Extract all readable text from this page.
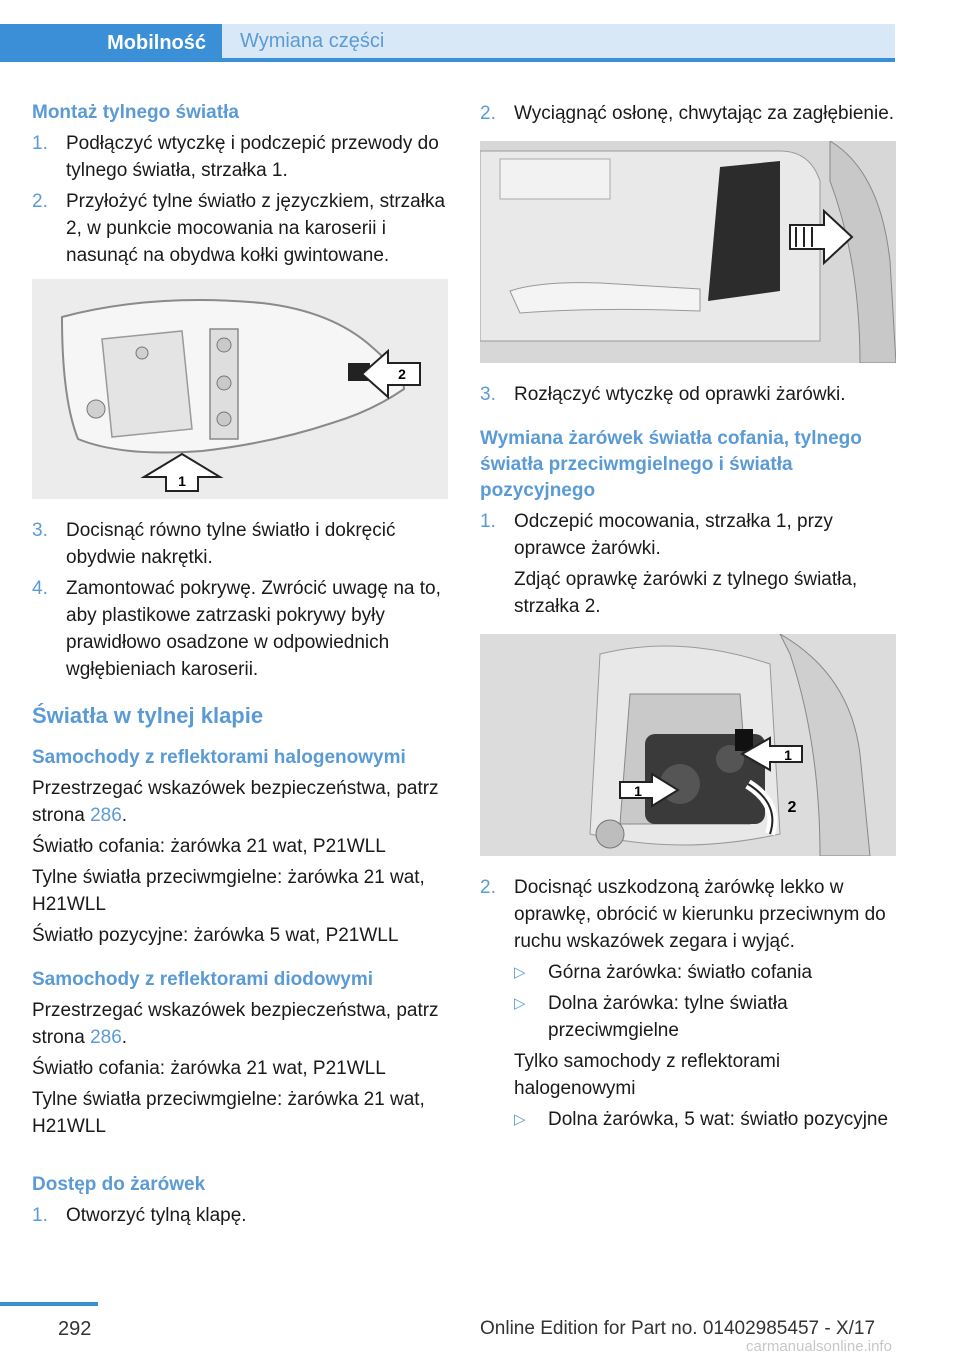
Mobilność	Wymiana części
Montaż tylnego światła
1. Podłączyć wtyczkę i podczepić przewody do tylnego światła, strzałka 1.
2. Przyłożyć tylne światło z języczkiem, strzałka 2, w punkcie mocowania na karoserii i nasunąć na obydwa kołki gwintowane.
1
2
3. Docisnąć równo tylne światło i dokręcić obydwie nakrętki.
4. Zamontować pokrywę. Zwrócić uwagę na to, aby plastikowe zatrzaski pokrywy były prawidłowo osadzone w odpowiednich wgłębieniach karoserii.
Światła w tylnej klapie
Samochody z reflektorami halogenowymi
Przestrzegać wskazówek bezpieczeństwa, patrz strona 286.
Światło cofania: żarówka 21 wat, P21WLL
Tylne światła przeciwmgielne: żarówka 21 wat, H21WLL
Światło pozycyjne: żarówka 5 wat, P21WLL
Samochody z reflektorami diodowymi
Przestrzegać wskazówek bezpieczeństwa, patrz strona 286.
Światło cofania: żarówka 21 wat, P21WLL
Tylne światła przeciwmgielne: żarówka 21 wat, H21WLL
Dostęp do żarówek
1. Otworzyć tylną klapę.
2. Wyciągnąć osłonę, chwytając za zagłębienie.
3. Rozłączyć wtyczkę od oprawki żarówki.
Wymiana żarówek światła cofania, tylnego światła przeciwmgielnego i światła pozycyjnego
1. Odczepić mocowania, strzałka 1, przy oprawce żarówki.
Zdjąć oprawkę żarówki z tylnego światła, strzałka 2.
1
1
2
2. Docisnąć uszkodzoną żarówkę lekko w oprawkę, obrócić w kierunku przeciwnym do ruchu wskazówek zegara i wyjąć.
▷	Górna żarówka: światło cofania
▷	Dolna żarówka: tylne światła przeciwmgielne
Tylko samochody z reflektorami halogenowymi
▷	Dolna żarówka, 5 wat: światło pozycyjne
292	Online Edition for Part no. 01402985457 - X/17
carmanualsonline.info
